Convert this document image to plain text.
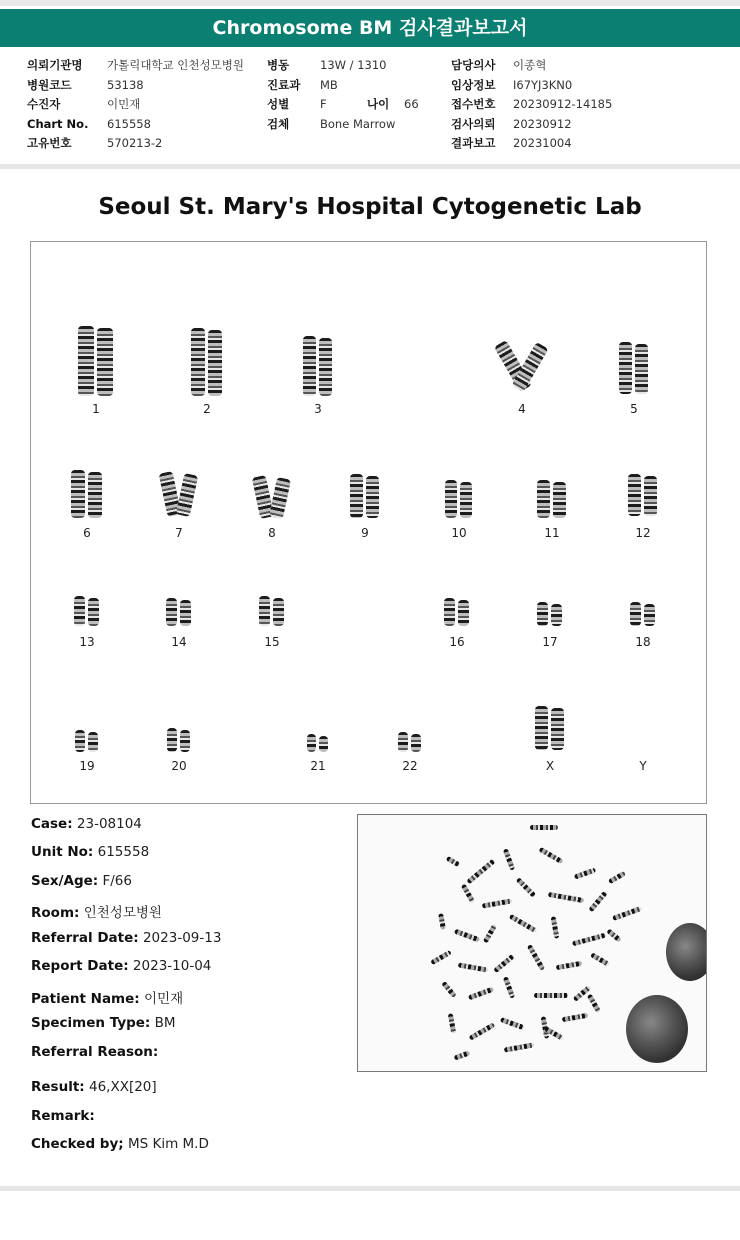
Chromosome BM 검사결과보고서
의뢰기관명	가톨릭대학교 인천성모병원
병원코드	53138
수진자	이민재
Chart No.	615558
고유번호	570213-2
병동	13W / 1310
진료과	MB
성별	F	나이	66
검체	Bone Marrow
담당의사	이종혁
임상정보	I67YJ3KN0
접수번호	20230912-14185
검사의뢰	20230912
결과보고	20231004
Seoul St. Mary's Hospital Cytogenetic Lab
1	2	3	4	5
6	7	8	9	10	11	12
13	14	15	16	17	18
19	20	21	22	X	Y
Case: 23-08104
Unit No: 615558
Sex/Age: F/66
Room: 인천성모병원
Referral Date: 2023-09-13
Report Date: 2023-10-04
Patient Name: 이민재
Specimen Type: BM
Referral Reason:
Result: 46,XX[20]
Remark:
Checked by; MS Kim M.D
